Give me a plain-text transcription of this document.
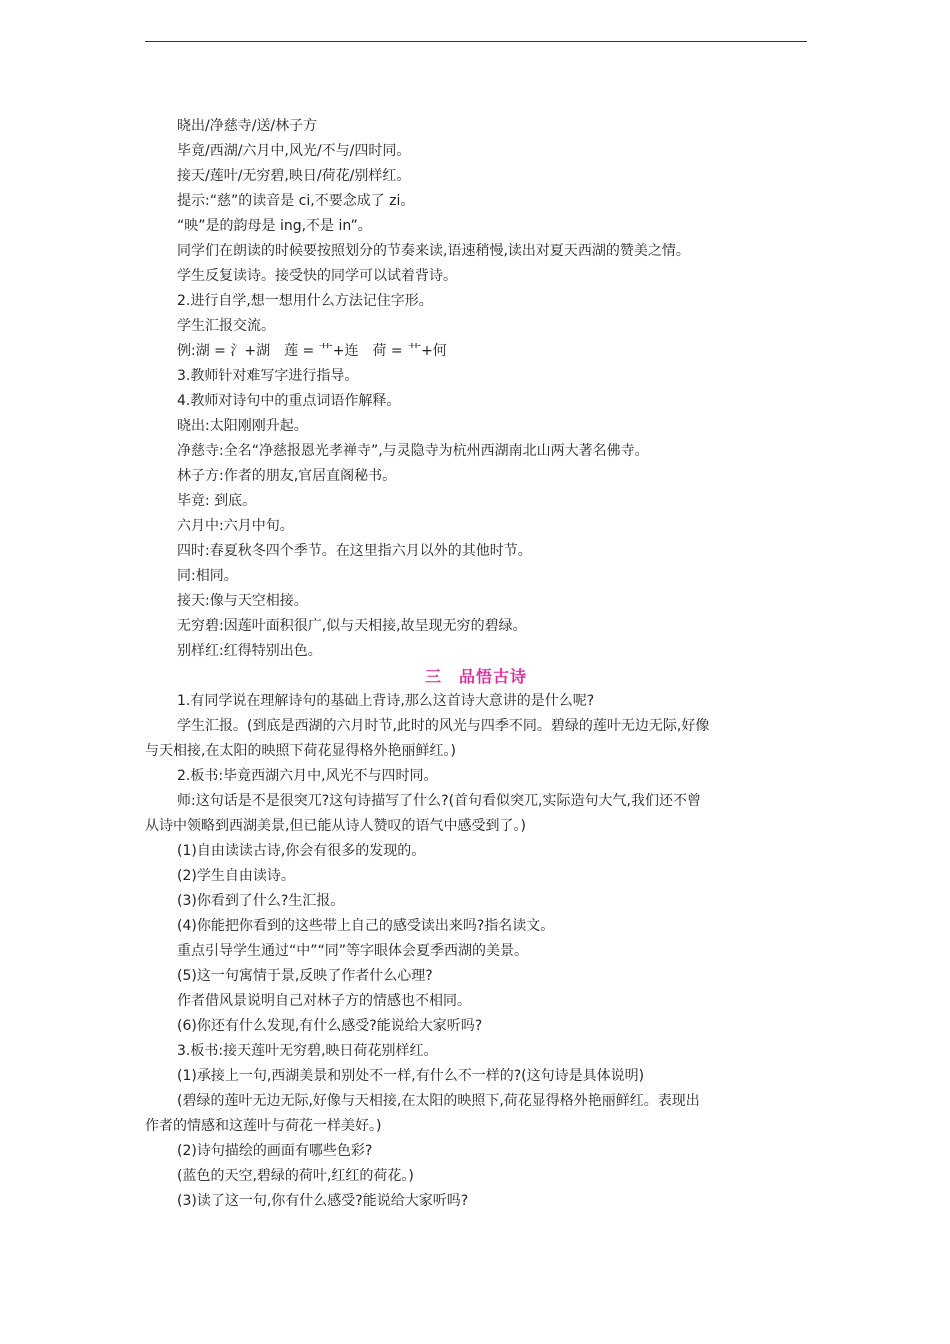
晓出/净慈寺/送/林子方
毕竟/西湖/六月中,风光/不与/四时同。
接天/莲叶/无穷碧,映日/荷花/别样红。
提示:“慈”的读音是 ci,不要念成了 zi。
“映”是的韵母是 ing,不是 in”。
同学们在朗读的时候要按照划分的节奏来读,语速稍慢,读出对夏天西湖的赞美之情。
学生反复读诗。接受快的同学可以试着背诗。
2.进行自学,想一想用什么方法记住字形。
学生汇报交流。
例:湖 = 氵+湖　莲 = 艹+连　荷 = 艹+何
3.教师针对难写字进行指导。
4.教师对诗句中的重点词语作解释。
晓出:太阳刚刚升起。
净慈寺:全名“净慈报恩光孝禅寺”,与灵隐寺为杭州西湖南北山两大著名佛寺。
林子方:作者的朋友,官居直阁秘书。
毕竟: 到底。
六月中:六月中旬。
四时:春夏秋冬四个季节。在这里指六月以外的其他时节。
同:相同。
接天:像与天空相接。
无穷碧:因莲叶面积很广,似与天相接,故呈现无穷的碧绿。
别样红:红得特别出色。
三　品悟古诗
1.有同学说在理解诗句的基础上背诗,那么这首诗大意讲的是什么呢?
学生汇报。(到底是西湖的六月时节,此时的风光与四季不同。碧绿的莲叶无边无际,好像
与天相接,在太阳的映照下荷花显得格外艳丽鲜红。)
2.板书:毕竟西湖六月中,风光不与四时同。
师:这句话是不是很突兀?这句诗描写了什么?(首句看似突兀,实际造句大气,我们还不曾
从诗中领略到西湖美景,但已能从诗人赞叹的语气中感受到了。)
(1)自由读读古诗,你会有很多的发现的。
(2)学生自由读诗。
(3)你看到了什么?生汇报。
(4)你能把你看到的这些带上自己的感受读出来吗?指名读文。
重点引导学生通过“中”“同”等字眼体会夏季西湖的美景。
(5)这一句寓情于景,反映了作者什么心理?
作者借风景说明自己对林子方的情感也不相同。
(6)你还有什么发现,有什么感受?能说给大家听吗?
3.板书:接天莲叶无穷碧,映日荷花别样红。
(1)承接上一句,西湖美景和别处不一样,有什么不一样的?(这句诗是具体说明)
(碧绿的莲叶无边无际,好像与天相接,在太阳的映照下,荷花显得格外艳丽鲜红。表现出
作者的情感和这莲叶与荷花一样美好。)
(2)诗句描绘的画面有哪些色彩?
(蓝色的天空,碧绿的荷叶,红红的荷花。)
(3)读了这一句,你有什么感受?能说给大家听吗?
